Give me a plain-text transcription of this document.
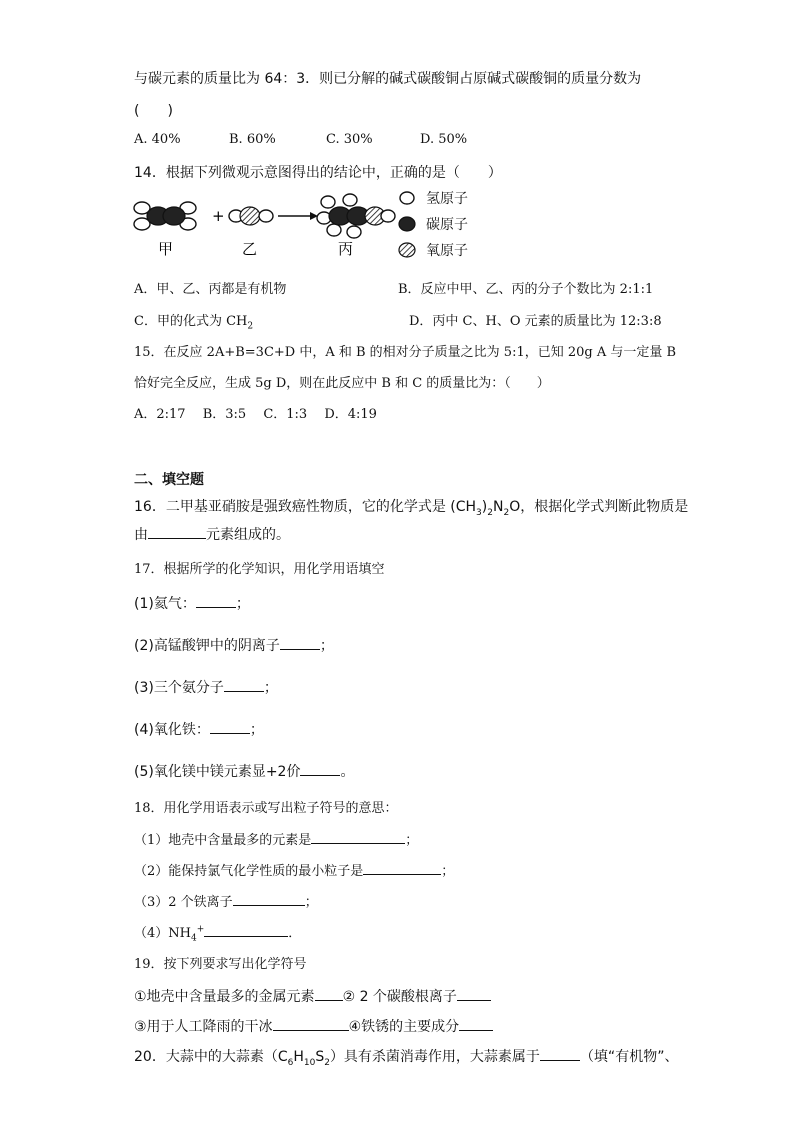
与碳元素的质量比为 64：3．则已分解的碱式碳酸铜占原碱式碳酸铜的质量分数为
(　　)
A. 40%	B. 60%	C. 30%	D. 50%
14．根据下列微观示意图得出的结论中，正确的是（　　）
+
甲	乙	丙
氢原子
碳原子
氧原子
A．甲、乙、丙都是有机物	B．反应中甲、乙、丙的分子个数比为 2:1:1
C．甲的化式为 $CH_2$	D．丙中 C、H、O 元素的质量比为 12:3:8
15．在反应 2A+B=3C+D 中，A 和 B 的相对分子质量之比为 5:1，已知 20g A 与一定量 B
恰好完全反应，生成 5g D，则在此反应中 B 和 C 的质量比为：（　　）
A．2:17　 B．3:5　 C．1:3　 D．4:19
二、填空题
16．二甲基亚硝胺是强致癌性物质，它的化学式是 $(CH_3)_2N_2O$，根据化学式判断此物质是
由	元素组成的。
17．根据所学的化学知识，用化学用语填空
(1)氦气：	；
(2)高锰酸钾中的阴离子	；
(3)三个氨分子	；
(4)氧化铁：	；
(5)氧化镁中镁元素显+2价	。
18．用化学用语表示或写出粒子符号的意思：
（1）地壳中含量最多的元素是	；
（2）能保持氯气化学性质的最小粒子是	；
（3）2 个铁离子	；
$(4)NH_4^+$	．
19．按下列要求写出化学符号
①地壳中含量最多的金属元素 ② 2 个碳酸根离子
③用于人工降雨的干冰	④铁锈的主要成分
20．大蒜中的大蒜素$(C_6H_{10}S_2)$具有杀菌消毒作用，大蒜素属于	（填“有机物”、
